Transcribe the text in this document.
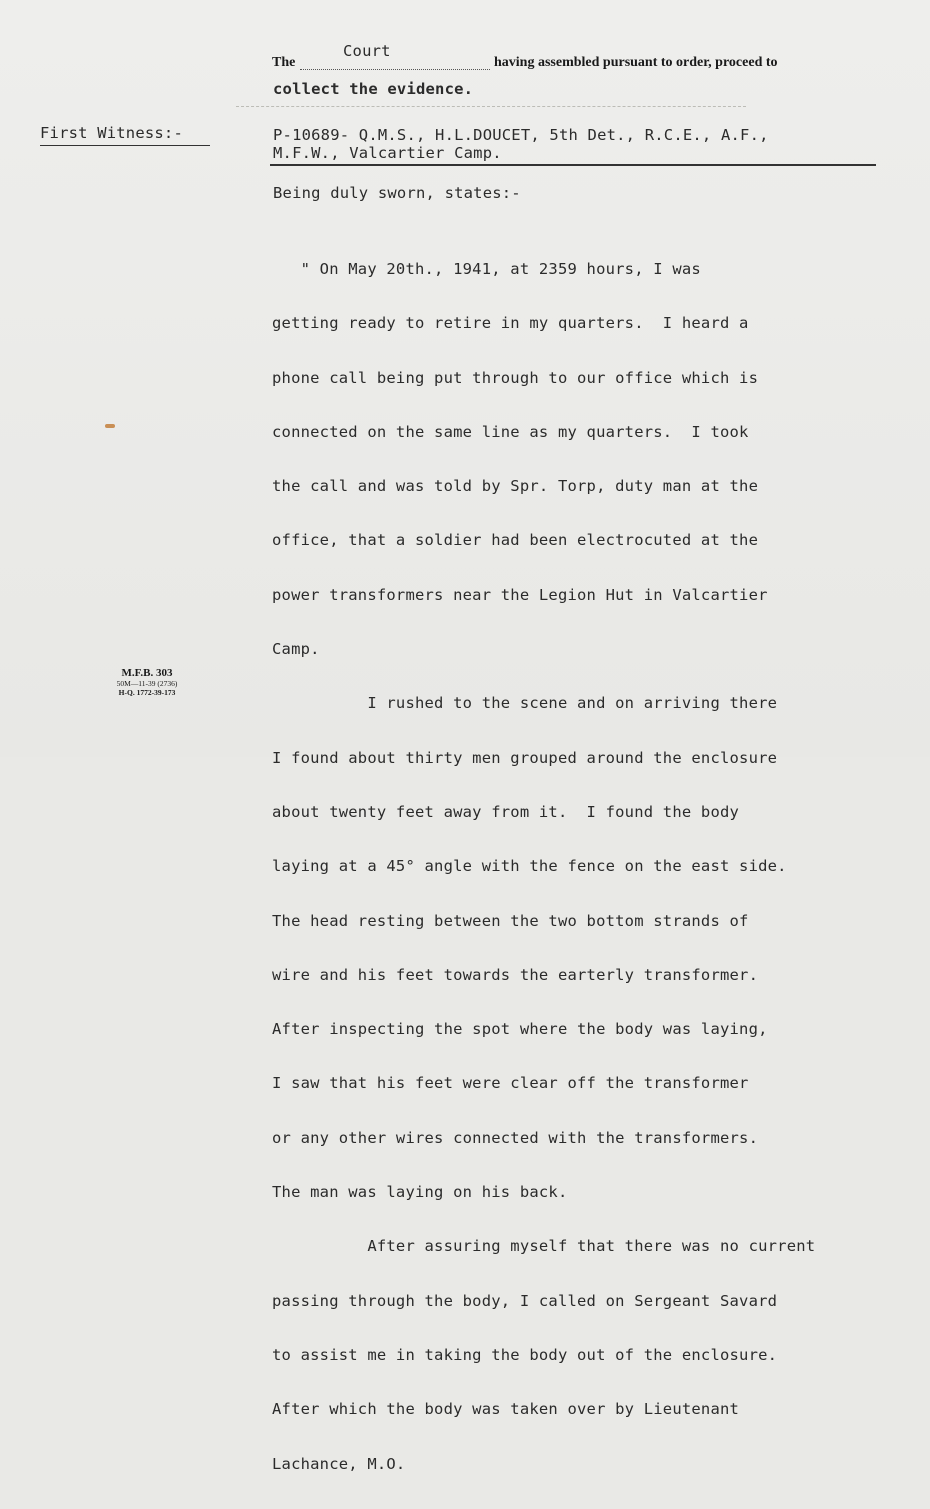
Court
The	having assembled pursuant to order, proceed to
collect the evidence.
First Witness:-	P-10689- Q.M.S., H.L.DOUCET, 5th Det., R.C.E., A.F.,
M.F.W., Valcartier Camp.
Being duly sworn, states:-

" On May 20th., 1941, at 2359 hours, I was

getting ready to retire in my quarters.  I heard a

phone call being put through to our office which is

connected on the same line as my quarters.  I took

the call and was told by Spr. Torp, duty man at the

office, that a soldier had been electrocuted at the

power transformers near the Legion Hut in Valcartier

Camp.

I rushed to the scene and on arriving there

I found about thirty men grouped around the enclosure

about twenty feet away from it.  I found the body

laying at a 45° angle with the fence on the east side.

The head resting between the two bottom strands of

wire and his feet towards the earterly transformer.

After inspecting the spot where the body was laying,

I saw that his feet were clear off the transformer

or any other wires connected with the transformers.

The man was laying on his back.

After assuring myself that there was no current

passing through the body, I called on Sergeant Savard

to assist me in taking the body out of the enclosure.

After which the body was taken over by Lieutenant

Lachance, M.O.

M.F.B. 303
50M—11-39 (2736)
H-Q. 1772-39-173
